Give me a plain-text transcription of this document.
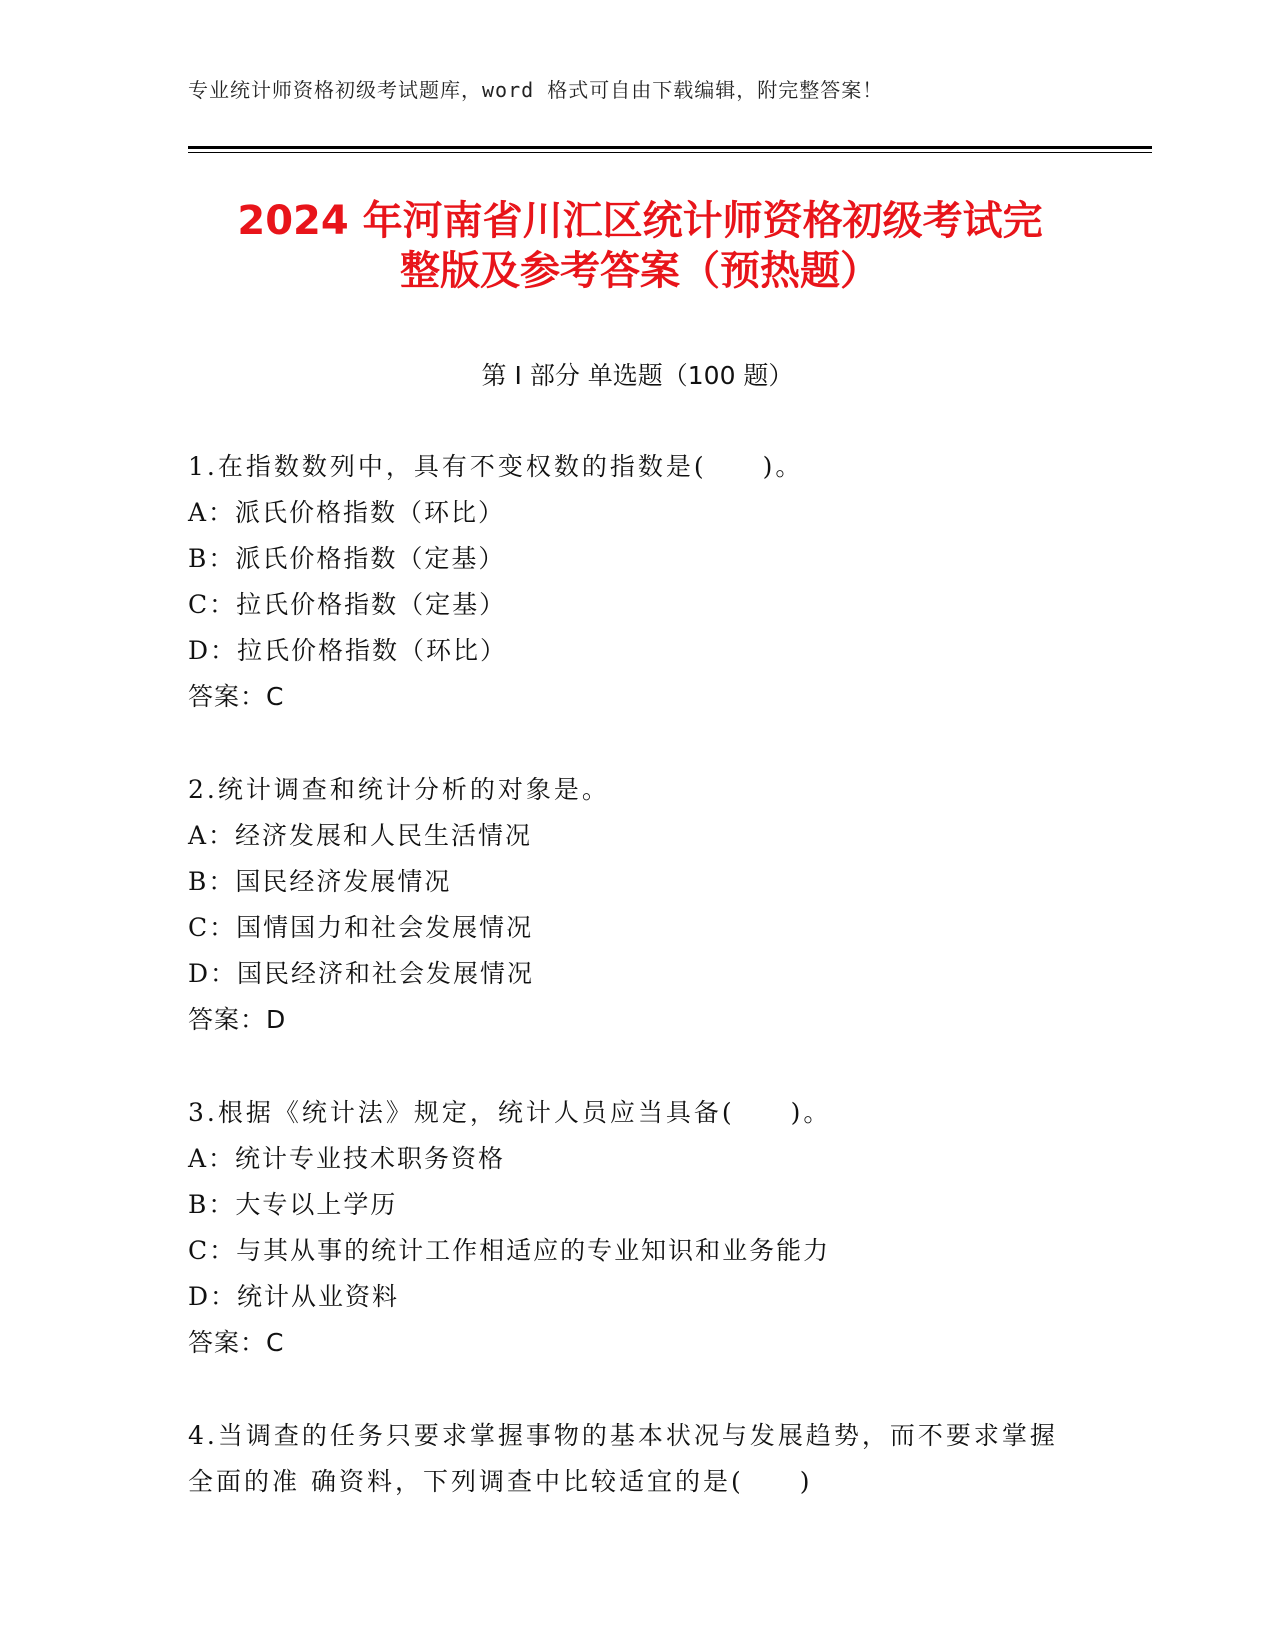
专业统计师资格初级考试题库，word 格式可自由下载编辑，附完整答案！
2024 年河南省川汇区统计师资格初级考试完
整版及参考答案（预热题）
第 I 部分 单选题（100 题）
1.在指数数列中，具有不变权数的指数是(　　)。
A：派氏价格指数（环比）
B：派氏价格指数（定基）
C：拉氏价格指数（定基）
D：拉氏价格指数（环比）
答案：C
2.统计调查和统计分析的对象是。
A：经济发展和人民生活情况
B：国民经济发展情况
C：国情国力和社会发展情况
D：国民经济和社会发展情况
答案：D
3.根据《统计法》规定，统计人员应当具备(　　)。
A：统计专业技术职务资格
B：大专以上学历
C：与其从事的统计工作相适应的专业知识和业务能力
D：统计从业资料
答案：C
4.当调查的任务只要求掌握事物的基本状况与发展趋势，而不要求掌握全面的准 确资料，下列调查中比较适宜的是(　　)
